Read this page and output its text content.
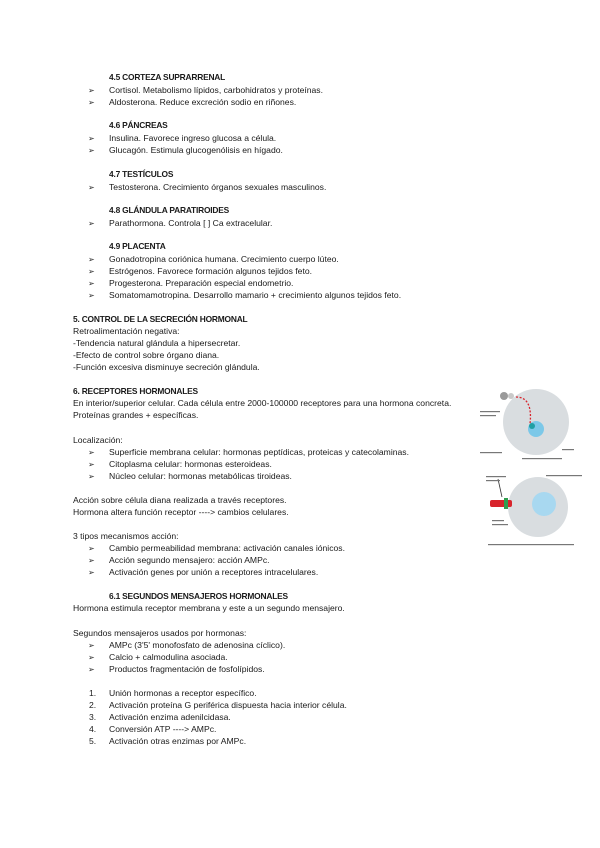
4.5 CORTEZA SUPRARRENAL
➢ Cortisol. Metabolismo lípidos, carbohidratos y proteínas.
➢ Aldosterona. Reduce excreción sodio en riñones.
4.6 PÁNCREAS
➢ Insulina. Favorece ingreso glucosa a célula.
➢ Glucagón. Estimula glucogenólisis en hígado.
4.7 TESTÍCULOS
➢ Testosterona. Crecimiento órganos sexuales masculinos.
4.8 GLÁNDULA PARATIROIDES
➢ Parathormona. Controla [ ] Ca extracelular.
4.9 PLACENTA
➢ Gonadotropina coriónica humana. Crecimiento cuerpo lúteo.
➢ Estrógenos. Favorece formación algunos tejidos feto.
➢ Progesterona. Preparación especial endometrio.
➢ Somatomamotropina. Desarrollo mamario + crecimiento algunos tejidos feto.
5. CONTROL DE LA SECRECIÓN HORMONAL
Retroalimentación negativa:
-Tendencia natural glándula a hipersecretar.
-Efecto de control sobre órgano diana.
-Función excesiva disminuye secreción glándula.
6. RECEPTORES HORMONALES
En interior/superior celular. Cada célula entre 2000-100000 receptores para una hormona concreta.
Proteínas grandes + específicas.
Localización:
➢ Superficie membrana celular: hormonas peptídicas, proteicas y catecolaminas.
➢ Citoplasma celular: hormonas esteroideas.
➢ Núcleo celular: hormonas metabólicas tiroideas.
Acción sobre célula diana realizada a través receptores.
Hormona altera función receptor ----> cambios celulares.
3 tipos mecanismos acción:
➢ Cambio permeabilidad membrana: activación canales iónicos.
➢ Acción segundo mensajero: acción AMPc.
➢ Activación genes por unión a receptores intracelulares.
6.1 SEGUNDOS MENSAJEROS HORMONALES
Hormona estimula receptor membrana y este a un segundo mensajero.
Segundos mensajeros usados por hormonas:
➢ AMPc (3'5' monofosfato de adenosina cíclico).
➢ Calcio + calmodulina asociada.
➢ Productos fragmentación de fosfolípidos.
1. Unión hormonas a receptor específico.
2. Activación proteína G periférica dispuesta hacia interior célula.
3. Activación enzima adenilcidasa.
4. Conversión ATP ----> AMPc.
5. Activación otras enzimas por AMPc.
